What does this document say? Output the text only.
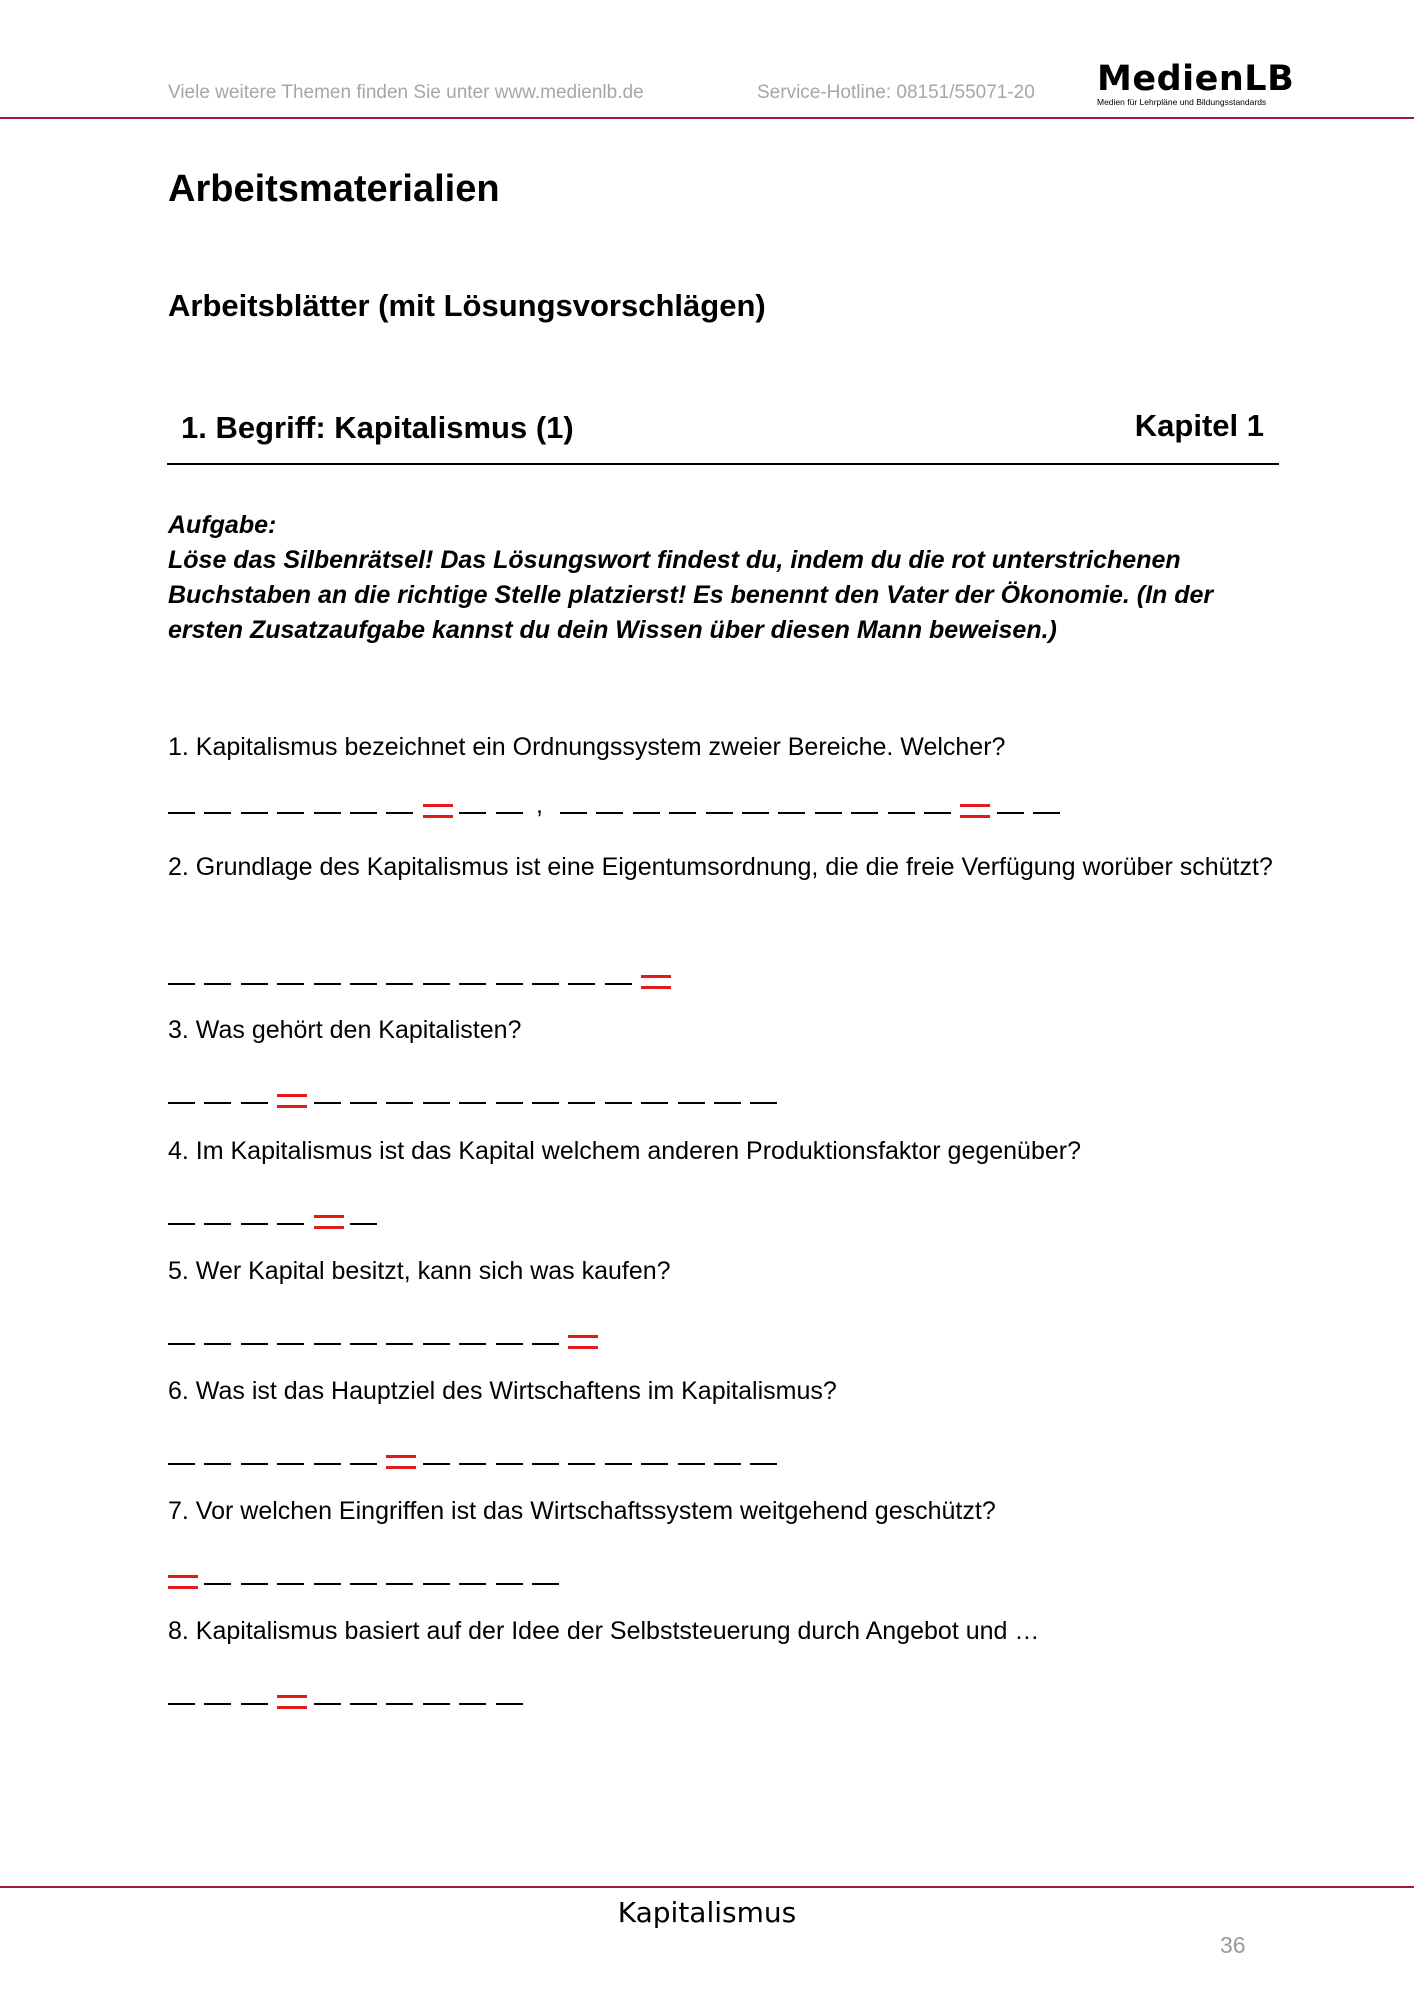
Viele weitere Themen finden Sie unter www.medienlb.de	Service-Hotline: 08151/55071-20 MedienLB
Medien für Lehrpläne und Bildungsstandards
Arbeitsmaterialien
Arbeitsblätter (mit Lösungsvorschlägen)
1. Begriff: Kapitalismus (1)	Kapitel 1

Aufgabe:

Löse das Silbenrätsel! Das Lösungswort findest du, indem du die rot unterstrichenen Buchstaben an die richtige Stelle platzierst! Es benennt den Vater der Ökonomie. (In der ersten Zusatzaufgabe kannst du dein Wissen über diesen Mann beweisen.)

1. Kapitalismus bezeichnet ein Ordnungssystem zweier Bereiche. Welcher?
,
2. Grundlage des Kapitalismus ist eine Eigentumsordnung, die die freie Verfügung worüber schützt?
3. Was gehört den Kapitalisten?
4. Im Kapitalismus ist das Kapital welchem anderen Produktionsfaktor gegenüber?
5. Wer Kapital besitzt, kann sich was kaufen?
6. Was ist das Hauptziel des Wirtschaftens im Kapitalismus?
7. Vor welchen Eingriffen ist das Wirtschaftssystem weitgehend geschützt?
8. Kapitalismus basiert auf der Idee der Selbststeuerung durch Angebot und …
Kapitalismus
36
